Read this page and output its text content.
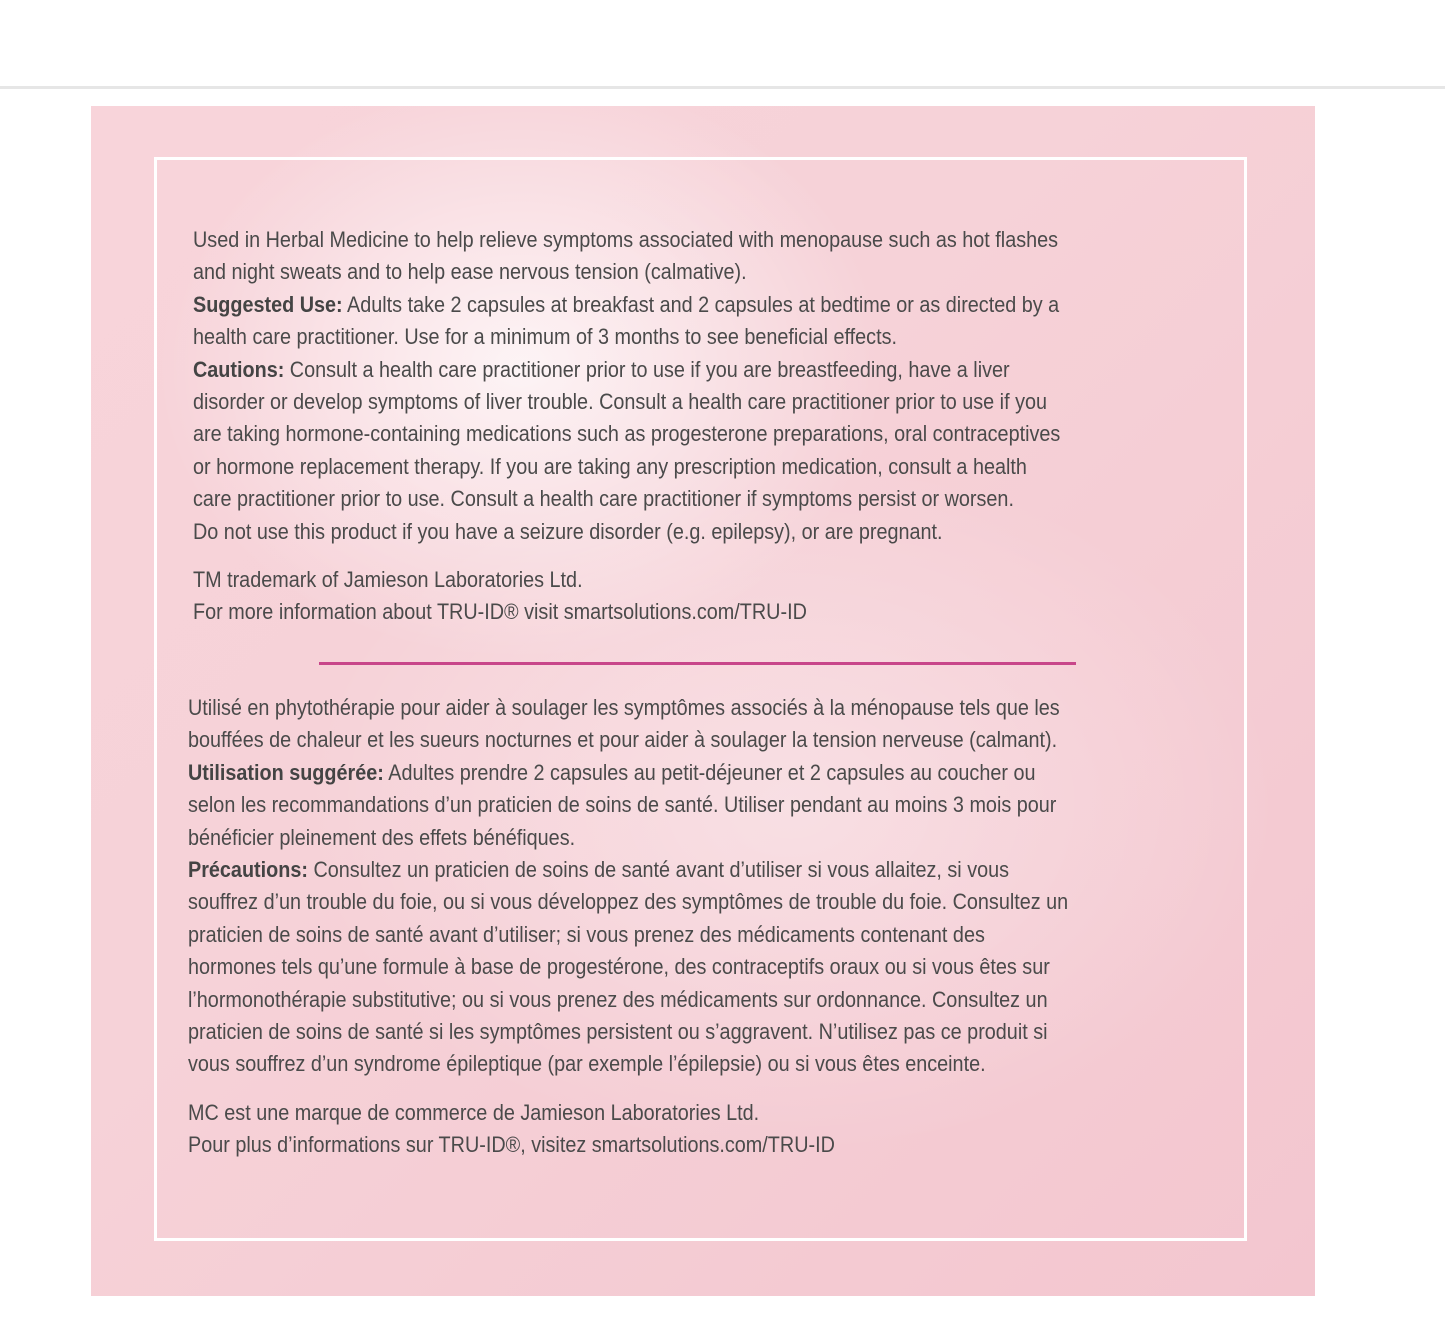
Used in Herbal Medicine to help relieve symptoms associated with menopause such as hot flashes
and night sweats and to help ease nervous tension (calmative).
Suggested Use: Adults take 2 capsules at breakfast and 2 capsules at bedtime or as directed by a
health care practitioner. Use for a minimum of 3 months to see beneficial effects.
Cautions: Consult a health care practitioner prior to use if you are breastfeeding, have a liver
disorder or develop symptoms of liver trouble. Consult a health care practitioner prior to use if you
are taking hormone-containing medications such as progesterone preparations, oral contraceptives
or hormone replacement therapy. If you are taking any prescription medication, consult a health
care practitioner prior to use. Consult a health care practitioner if symptoms persist or worsen.
Do not use this product if you have a seizure disorder (e.g. epilepsy), or are pregnant.
TM trademark of Jamieson Laboratories Ltd.
For more information about TRU-ID® visit smartsolutions.com/TRU-ID
Utilisé en phytothérapie pour aider à soulager les symptômes associés à la ménopause tels que les
bouffées de chaleur et les sueurs nocturnes et pour aider à soulager la tension nerveuse (calmant).
Utilisation suggérée: Adultes prendre 2 capsules au petit-déjeuner et 2 capsules au coucher ou
selon les recommandations d’un praticien de soins de santé. Utiliser pendant au moins 3 mois pour
bénéficier pleinement des effets bénéfiques.
Précautions: Consultez un praticien de soins de santé avant d’utiliser si vous allaitez, si vous
souffrez d’un trouble du foie, ou si vous développez des symptômes de trouble du foie. Consultez un
praticien de soins de santé avant d’utiliser; si vous prenez des médicaments contenant des
hormones tels qu’une formule à base de progestérone, des contraceptifs oraux ou si vous êtes sur
l’hormonothérapie substitutive; ou si vous prenez des médicaments sur ordonnance. Consultez un
praticien de soins de santé si les symptômes persistent ou s’aggravent. N’utilisez pas ce produit si
vous souffrez d’un syndrome épileptique (par exemple l’épilepsie) ou si vous êtes enceinte.
MC est une marque de commerce de Jamieson Laboratories Ltd.
Pour plus d’informations sur TRU-ID®, visitez smartsolutions.com/TRU-ID
